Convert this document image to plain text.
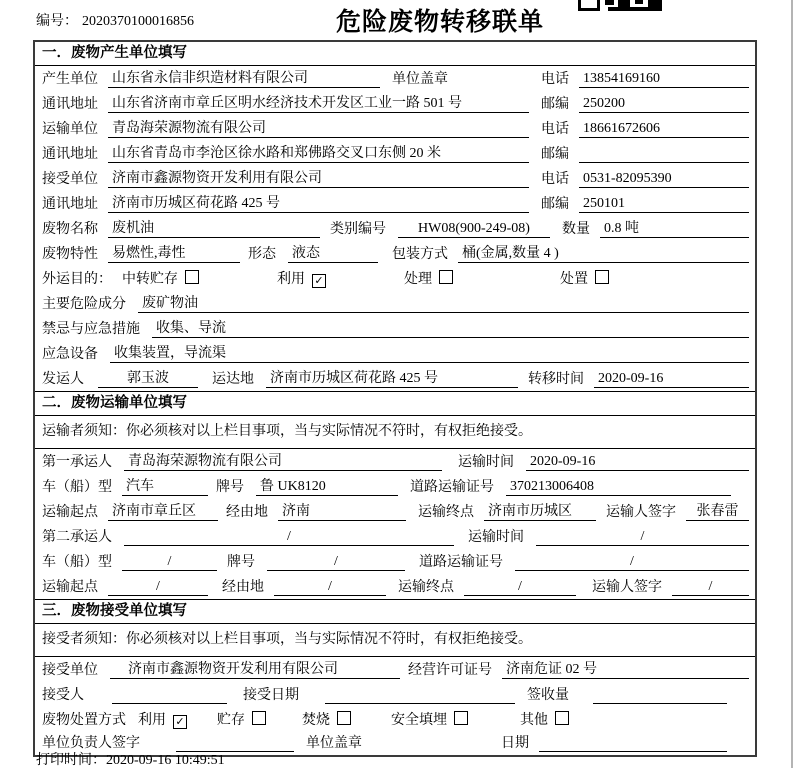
编号： 2020370100016856	危险废物转移联单
一．废物产生单位填写
产生单位 山东省永信非织造材料有限公司	单位盖章	电话 13854169160
通讯地址 山东省济南市章丘区明水经济技术开发区工业一路 501 号	邮编 250200
运输单位 青岛海荣源物流有限公司	电话 18661672606
通讯地址 山东省青岛市李沧区徐水路和郑佛路交叉口东侧 20 米	邮编
接受单位 济南市鑫源物资开发利用有限公司	电话 0531-82095390
通讯地址 济南市历城区荷花路 425 号	邮编 250101
废物名称 废机油	类别编号	HW08(900-249-08)	数量 0.8 吨
废物特性 易燃性,毒性	形态 液态	包装方式 桶(金属,数量 4 )
外运目的： 中转贮存	利用 ✓	处理	处置
主要危险成分 废矿物油
禁忌与应急措施 收集、导流
应急设备 收集装置，导流渠
发运人	郭玉波	运达地 济南市历城区荷花路 425 号	转移时间 2020-09-16
二．废物运输单位填写
运输者须知：你必须核对以上栏目事项，当与实际情况不符时，有权拒绝接受。
第一承运人 青岛海荣源物流有限公司	运输时间 2020-09-16
车（船）型 汽车	牌号 鲁 UK8120	道路运输证号 370213006408
运输起点 济南市章丘区	经由地 济南	运输终点 济南市历城区	运输人签字	张春雷
第二承运人	/	运输时间	/
车（船）型	/	牌号	/	道路运输证号	/
运输起点	/	经由地	/	运输终点	/	运输人签字	/
三．废物接受单位填写
接受者须知：你必须核对以上栏目事项，当与实际情况不符时，有权拒绝接受。
接受单位	济南市鑫源物资开发利用有限公司	经营许可证号 济南危证 02 号
接受人	接受日期	签收量
废物处置方式 利用 ✓ 贮存	焚烧	安全填埋	其他
单位负责人签字	单位盖章	日期
打印时间：2020-09-16 10:49:51
